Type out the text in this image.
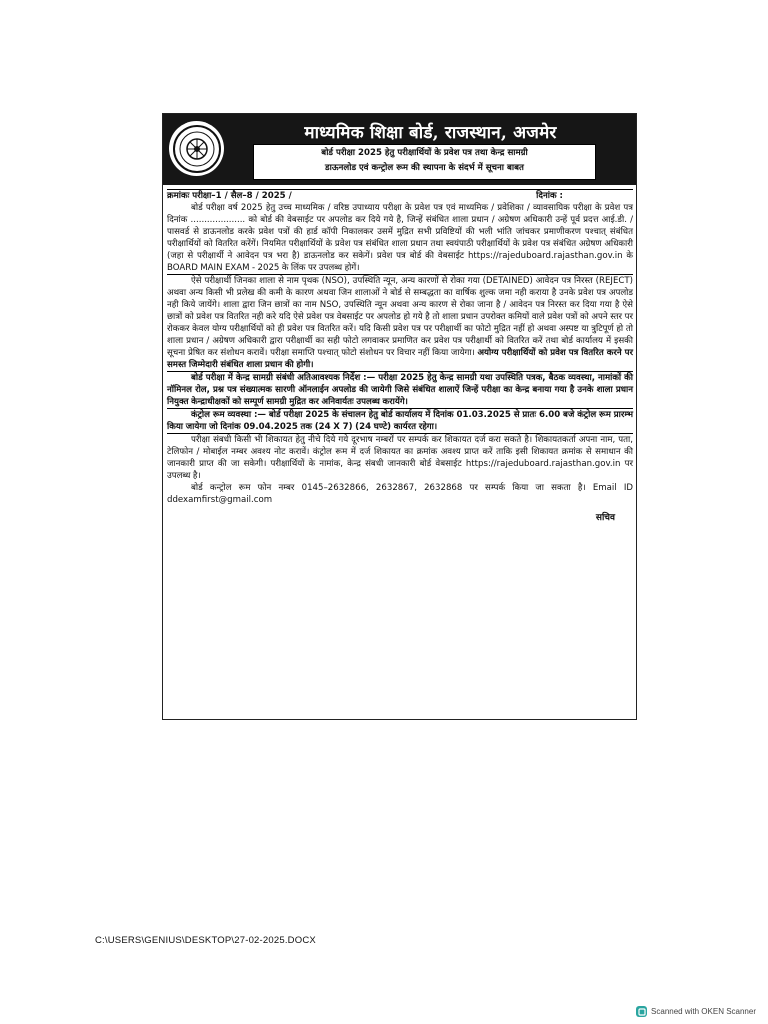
माध्यमिक शिक्षा बोर्ड, राजस्थान, अजमेर
बोर्ड परीक्षा 2025 हेतु परीक्षार्थियों के प्रवेश पत्र तथा केन्द्र सामग्री
डाऊनलोड एवं कन्ट्रोल रूम की स्थापना के संदर्भ में सूचना बाबत
क्रमांकः परीक्षा–1 / सैल–8 / 2025 /	दिनांक :

बोर्ड परीक्षा वर्ष 2025 हेतु उच्च माध्यमिक / वरिष्ठ उपाध्याय परीक्षा के प्रवेश पत्र एवं माध्यमिक / प्रवेशिका / व्यावसायिक परीक्षा के प्रवेश पत्र दिनांक .................... को बोर्ड की वेबसाईट पर अपलोड कर दिये गये है, जिन्हें संबंधित शाला प्रधान / अग्रेषण अधिकारी उन्हें पूर्व प्रदत्त आई.डी. / पासवर्ड से डाऊनलोड करके प्रवेश पत्रों की हार्ड कॉपी निकालकर उसमें मुद्रित सभी प्रविष्टियों की भली भांति जांचकर प्रमाणीकरण पश्चात् संबंधित परीक्षार्थियों को वितरित करेंगें। नियमित परीक्षार्थियों के प्रवेश पत्र संबंधित शाला प्रधान तथा स्वयंपाठी परीक्षार्थियों के प्रवेश पत्र संबंधित अग्रेषण अधिकारी (जहा से परीक्षार्थी ने आवेदन पत्र भरा है) डाऊनलोड कर सकेगें। प्रवेश पत्र बोर्ड की वेबसाईट https://rajeduboard.rajasthan.gov.in के BOARD MAIN EXAM - 2025 के लिंक पर उपलब्ध होगें।

ऐसे परीक्षार्थी जिनका शाला से नाम पृथक (NSO), उपस्थिति न्यून, अन्य कारणों से रोका गया (DETAINED) आवेदन पत्र निरस्त (REJECT) अथवा अन्य किसी भी प्रलेख की कमी के कारण अथवा जिन शालाओं ने बोर्ड से सम्बद्धता का वार्षिक शुल्क जमा नही कराया है उनके प्रवेश पत्र अपलोड नही किये जायेंगे। शाला द्वारा जिन छात्रों का नाम NSO, उपस्थिति न्यून अथवा अन्य कारण से रोका जाना है / आवेदन पत्र निरस्त कर दिया गया है ऐसे छात्रों को प्रवेश पत्र वितरित नही करे यदि ऐसे प्रवेश पत्र वेबसाईट पर अपलोड हो गये है तो शाला प्रधान उपरोक्त कमियों वाले प्रवेश पत्रों को अपने स्तर पर रोककर केवल योग्य परीक्षार्थियों को ही प्रवेश पत्र वितरित करें। यदि किसी प्रवेश पत्र पर परीक्षार्थी का फोटो मुद्रित नहीं हो अथवा अस्पष्ट या त्रुटिपूर्ण हो तो शाला प्रधान / अग्रेषण अधिकारी द्वारा परीक्षार्थी का सही फोटो लगवाकर प्रमाणित कर प्रवेश पत्र परीक्षार्थी को वितरित करें तथा बोर्ड कार्यालय में इसकी सूचना प्रेषित कर संशोधन करावें। परीक्षा समाप्ति पश्चात् फोटो संशोधन पर विचार नहीं किया जायेगा। अयोग्य परीक्षार्थियों को प्रवेश पत्र वितरित करने पर समस्त जिम्मेदारी संबंधित शाला प्रधान की होगी।

बोर्ड परीक्षा में केन्द्र सामग्री संबंधी अतिआवश्यक निर्देश :— परीक्षा 2025 हेतु केन्द्र सामग्री यथा उपस्थिति पत्रक, बैठक व्यवस्था, नामांकों की नॉमिनल रोल, प्रश्न पत्र संख्यात्मक सारणी ऑनलाईन अपलोड की जायेगी जिसे संबंधित शालाऐं जिन्हें परीक्षा का केन्द्र बनाया गया है उनके शाला प्रधान नियुक्त केन्द्राधीक्षकों को सम्पूर्ण सामग्री मुद्रित कर अनिवार्यतः उपलब्ध करायेंगे।

कंट्रोल रूम व्यवस्था :— बोर्ड परीक्षा 2025 के संचालन हेतु बोर्ड कार्यालय में दिनांक 01.03.2025 से प्रातः 6.00 बजे कंट्रोल रूम प्रारम्भ किया जायेगा जो दिनांक 09.04.2025 तक (24 X 7) (24 घण्टे) कार्यरत रहेगा।

परीक्षा संबधी किसी भी शिकायत हेतु नीचे दिये गये दूरभाष नम्बरों पर सम्पर्क कर शिकायत दर्ज करा सकते है। शिकायतकर्ता अपना नाम, पता, टेलिफोन / मोबाईल नम्बर अवश्य नोट करावें। कंट्रोल रूम में दर्ज शिकायत का क्रमांक अवश्य प्राप्त करें ताकि इसी शिकायत क्रमांक से समाधान की जानकारी प्राप्त की जा सकेगी। परीक्षार्थियों के नामांक, केन्द्र संबधी जानकारी बोर्ड वेबसाईट https://rajeduboard.rajasthan.gov.in पर उपलब्ध है।

बोर्ड कन्ट्रोल रूम फोन नम्बर 0145–2632866, 2632867, 2632868 पर सम्पर्क किया जा सकता है। Email ID ddexamfirst@gmail.com

सचिव
C:\USERS\GENIUS\DESKTOP\27-02-2025.DOCX
Scanned with OKEN Scanner
